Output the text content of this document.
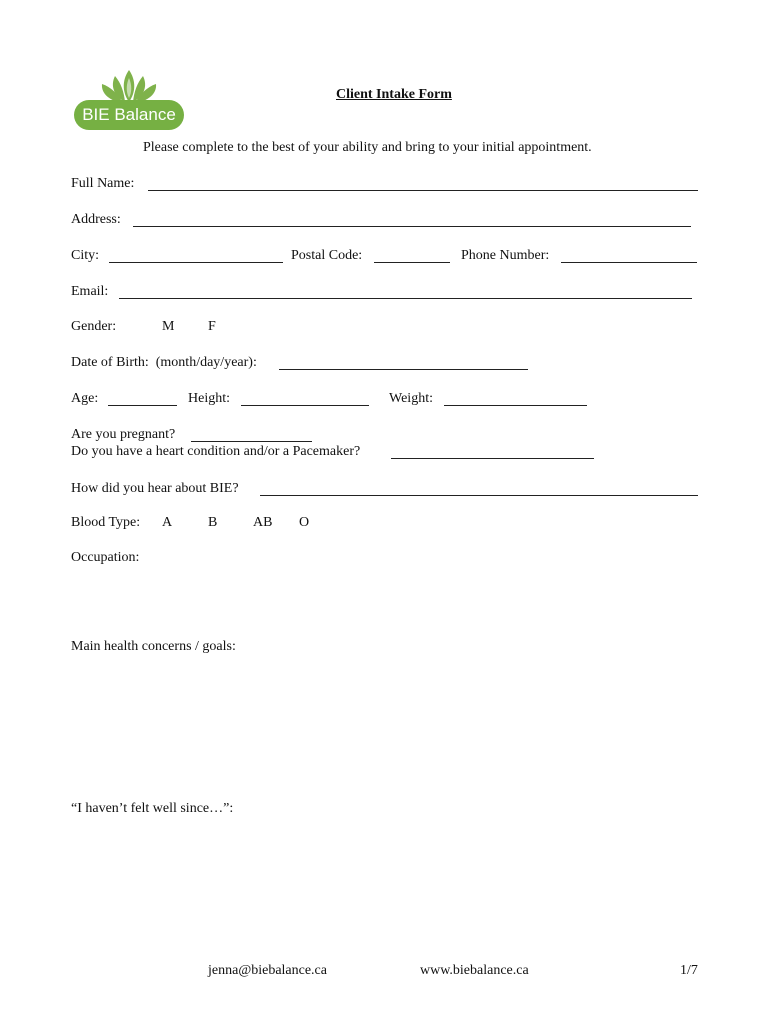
BIE Balance
Client Intake Form
Please complete to the best of your ability and bring to your initial appointment.
Full Name:
Address:
City:	Postal Code:	Phone Number:
Email:
Gender:	M F
Date of Birth:  (month/day/year):
Age:	Height:	Weight:
Are you pregnant?
Do you have a heart condition and/or a Pacemaker?
How did you hear about BIE?
Blood Type: A	B	AB O
Occupation:
Main health concerns / goals:
“I haven’t felt well since…”:
jenna@biebalance.ca	www.biebalance.ca	1/7
